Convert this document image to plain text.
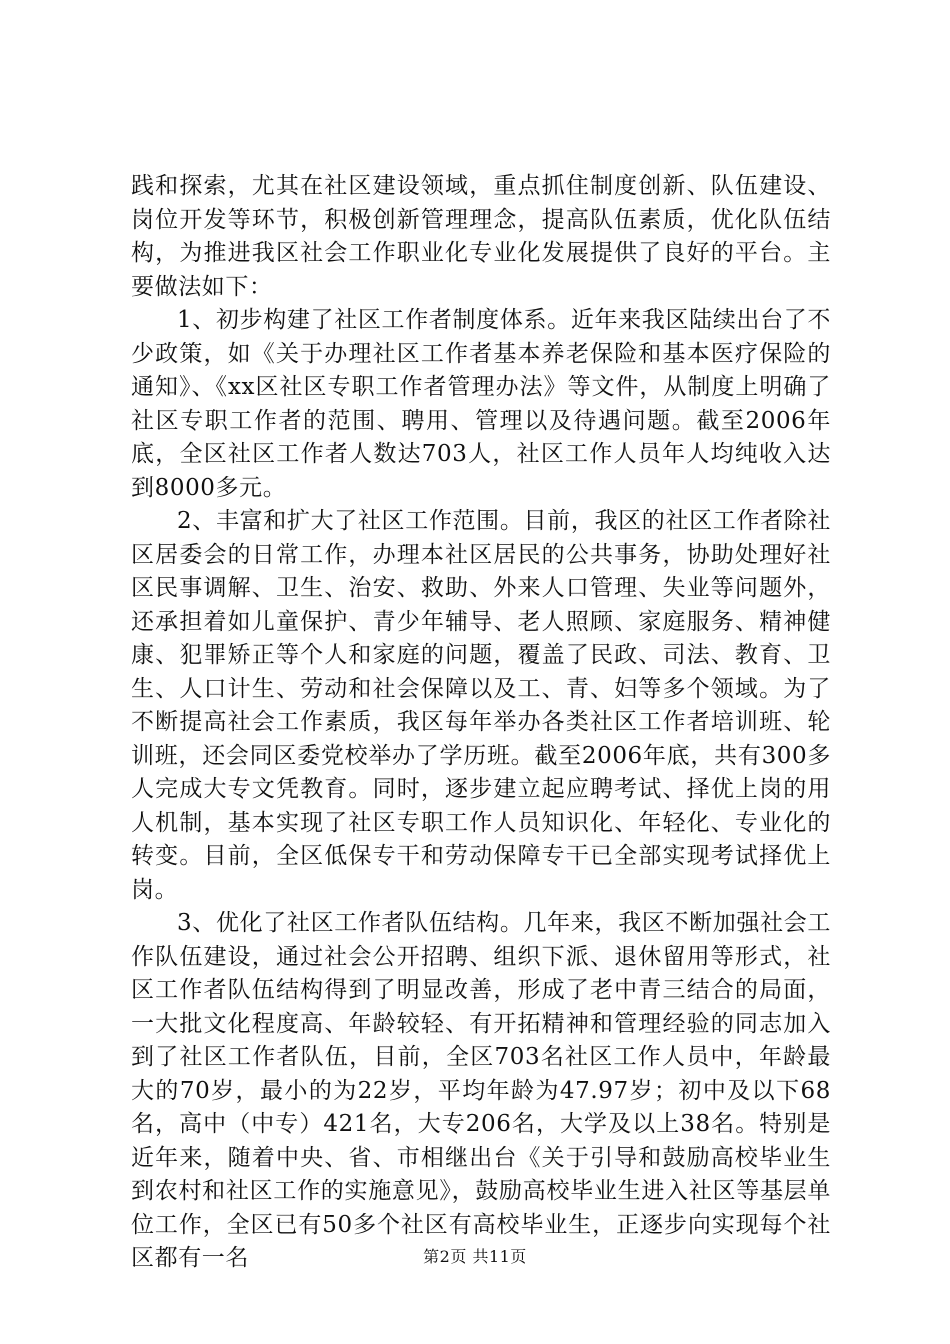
践和探索，尤其在社区建设领域，重点抓住制度创新、队伍建设、岗位开发等环节，积极创新管理理念，提高队伍素质，优化队伍结构，为推进我区社会工作职业化专业化发展提供了良好的平台。主要做法如下：

1、初步构建了社区工作者制度体系。近年来我区陆续出台了不少政策，如《关于办理社区工作者基本养老保险和基本医疗保险的通知》、《xx区社区专职工作者管理办法》等文件，从制度上明确了社区专职工作者的范围、聘用、管理以及待遇问题。截至2006年底，全区社区工作者人数达703人，社区工作人员年人均纯收入达到8000多元。

2、丰富和扩大了社区工作范围。目前，我区的社区工作者除社区居委会的日常工作，办理本社区居民的公共事务，协助处理好社区民事调解、卫生、治安、救助、外来人口管理、失业等问题外，还承担着如儿童保护、青少年辅导、老人照顾、家庭服务、精神健康、犯罪矫正等个人和家庭的问题，覆盖了民政、司法、教育、卫生、人口计生、劳动和社会保障以及工、青、妇等多个领域。为了不断提高社会工作素质，我区每年举办各类社区工作者培训班、轮训班，还会同区委党校举办了学历班。截至2006年底，共有300多人完成大专文凭教育。同时，逐步建立起应聘考试、择优上岗的用人机制，基本实现了社区专职工作人员知识化、年轻化、专业化的转变。目前，全区低保专干和劳动保障专干已全部实现考试择优上岗。

3、优化了社区工作者队伍结构。几年来，我区不断加强社会工作队伍建设，通过社会公开招聘、组织下派、退休留用等形式，社区工作者队伍结构得到了明显改善，形成了老中青三结合的局面，一大批文化程度高、年龄较轻、有开拓精神和管理经验的同志加入到了社区工作者队伍，目前，全区703名社区工作人员中，年龄最大的70岁，最小的为22岁，平均年龄为47.97岁；初中及以下68名，高中（中专）421名，大专206名，大学及以上38名。特别是近年来，随着中央、省、市相继出台《关于引导和鼓励高校毕业生到农村和社区工作的实施意见》，鼓励高校毕业生进入社区等基层单位工作，全区已有50多个社区有高校毕业生，正逐步向实现每个社区都有一名	第2页 共11页
